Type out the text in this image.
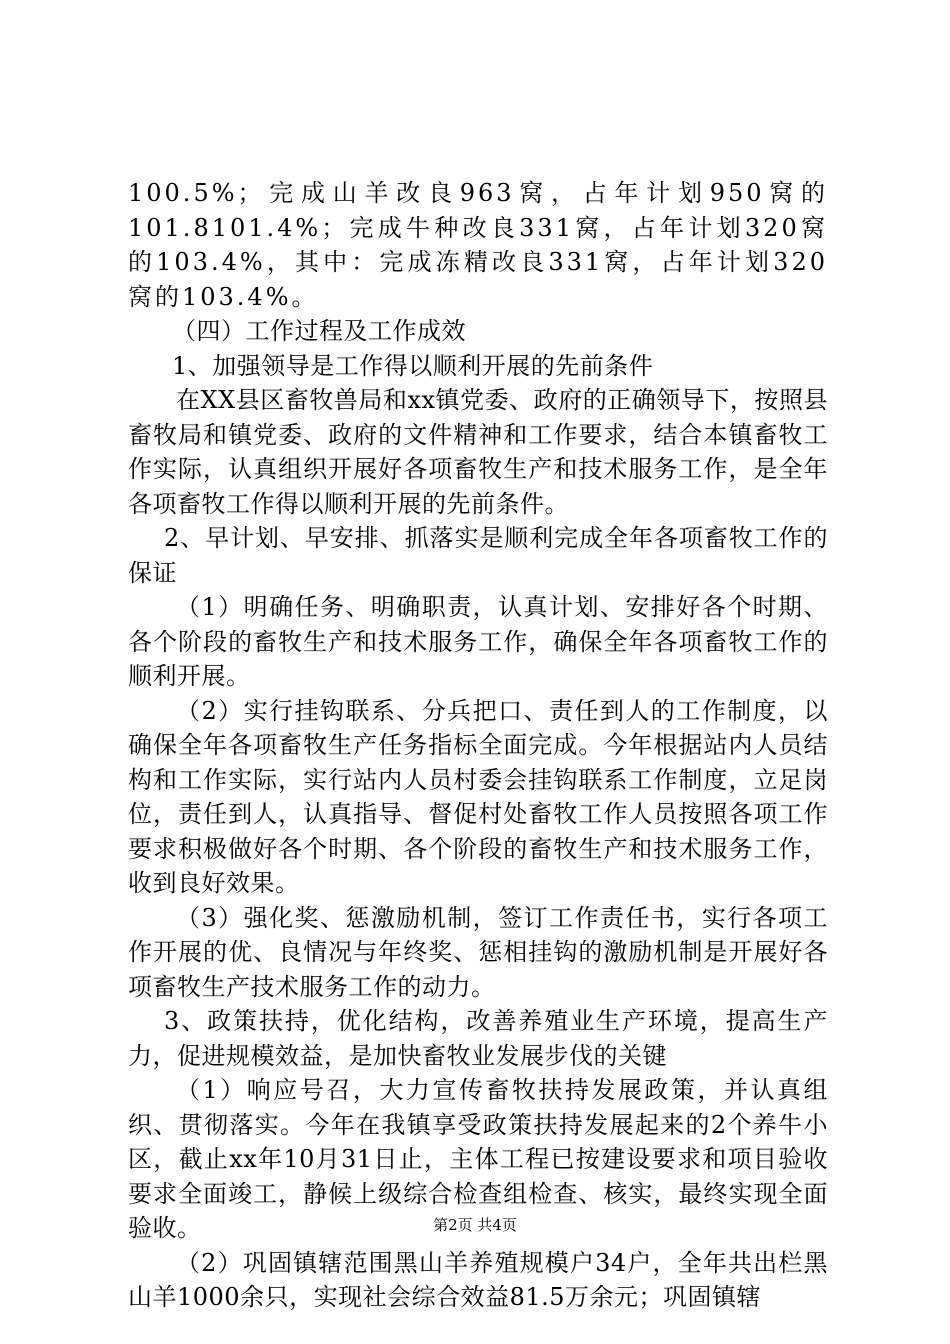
100.5%；完成山羊改良963窝，占年计划950窝的101.8101.4%；完成牛种改良331窝，占年计划320窝的103.4%，其中：完成冻精改良331窝，占年计划320窝的103.4%。

（四）工作过程及工作成效

1、加强领导是工作得以顺利开展的先前条件

在XX县区畜牧兽局和xx镇党委、政府的正确领导下，按照县畜牧局和镇党委、政府的文件精神和工作要求，结合本镇畜牧工作实际，认真组织开展好各项畜牧生产和技术服务工作，是全年各项畜牧工作得以顺利开展的先前条件。

2、早计划、早安排、抓落实是顺利完成全年各项畜牧工作的保证

（1）明确任务、明确职责，认真计划、安排好各个时期、各个阶段的畜牧生产和技术服务工作，确保全年各项畜牧工作的顺利开展。

（2）实行挂钩联系、分兵把口、责任到人的工作制度，以确保全年各项畜牧生产任务指标全面完成。今年根据站内人员结构和工作实际，实行站内人员村委会挂钩联系工作制度，立足岗位，责任到人，认真指导、督促村处畜牧工作人员按照各项工作要求积极做好各个时期、各个阶段的畜牧生产和技术服务工作，收到良好效果。

（3）强化奖、惩激励机制，签订工作责任书，实行各项工作开展的优、良情况与年终奖、惩相挂钩的激励机制是开展好各项畜牧生产技术服务工作的动力。

3、政策扶持，优化结构，改善养殖业生产环境，提高生产力，促进规模效益，是加快畜牧业发展步伐的关键

（1）响应号召，大力宣传畜牧扶持发展政策，并认真组织、贯彻落实。今年在我镇享受政策扶持发展起来的2个养牛小区，截止xx年10月31日止，主体工程已按建设要求和项目验收要求全面竣工，静候上级综合检查组检查、核实，最终实现全面验收。

（2）巩固镇辖范围黑山羊养殖规模户34户，全年共出栏黑山羊1000余只，实现社会综合效益81.5万余元；巩固镇辖

第2页 共4页
